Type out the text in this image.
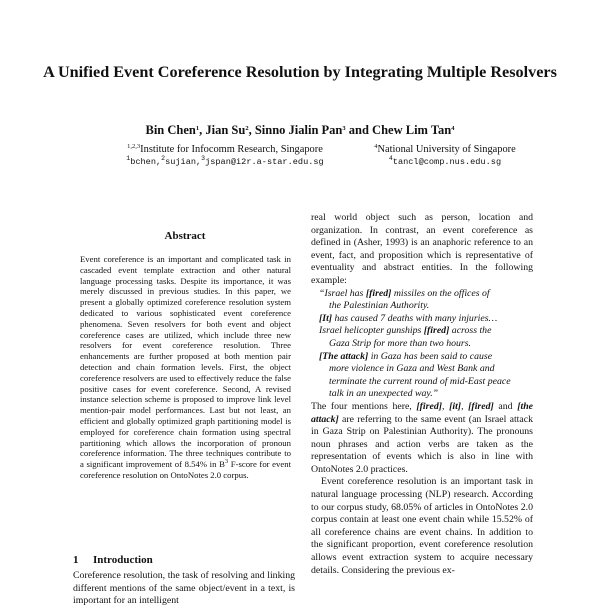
A Unified Event Coreference Resolution by Integrating Multiple Resolvers
Bin Chen$^1$, Jian Su$^2$, Sinno Jialin Pan$^3$ and Chew Lim Tan$^4$
$^{1,2,3}$Institute for Infocomm Research, Singapore
$^1$bchen,$^2$sujian,$^3$jspan@i2r.a-star.edu.sg
$^4$National University of Singapore
$^4$tancl@comp.nus.edu.sg
Abstract

Event coreference is an important and complicated task in cascaded event template extraction and other natural language processing tasks. Despite its importance, it was merely discussed in previous studies. In this paper, we present a globally optimized coreference resolution system dedicated to various sophisticated event coreference phenomena. Seven resolvers for both event and object coreference cases are utilized, which include three new resolvers for event coreference resolution. Three enhancements are further proposed at both mention pair detection and chain formation levels. First, the object coreference resolvers are used to effectively reduce the false positive cases for event coreference. Second, A revised instance selection scheme is proposed to improve link level mention-pair model performances. Last but not least, an efficient and globally optimized graph partitioning model is employed for coreference chain formation using spectral partitioning which allows the incorporation of pronoun coreference information. The three techniques contribute to a significant improvement of 8.54% in $B^3$ F-score for event coreference resolution on OntoNotes 2.0 corpus.

1 Introduction

Coreference resolution, the task of resolving and linking different mentions of the same object/event in a text, is important for an intelligent

real world object such as person, location and organization. In contrast, an event coreference as defined in (Asher, 1993) is an anaphoric reference to an event, fact, and proposition which is representative of eventuality and abstract entities. In the following example:

“Israel has [fired] missiles on the offices of
the Palestinian Authority.
[It] has caused 7 deaths with many injuries…
Israel helicopter gunships [fired] across the
Gaza Strip for more than two hours.
[The attack] in Gaza has been said to cause
more violence in Gaza and West Bank and
terminate the current round of mid-East peace
talk in an unexpected way.”

The four mentions here, [fired], [it], [fired] and [the attack] are referring to the same event (an Israel attack in Gaza Strip on Palestinian Authority). The pronouns noun phrases and action verbs are taken as the representation of events which is also in line with OntoNotes 2.0 practices.

Event coreference resolution is an important task in natural language processing (NLP) research. According to our corpus study, 68.05% of articles in OntoNotes 2.0 corpus contain at least one event chain while 15.52% of all coreference chains are event chains. In addition to the significant proportion, event coreference resolution allows event extraction system to acquire necessary details. Considering the previous ex-
